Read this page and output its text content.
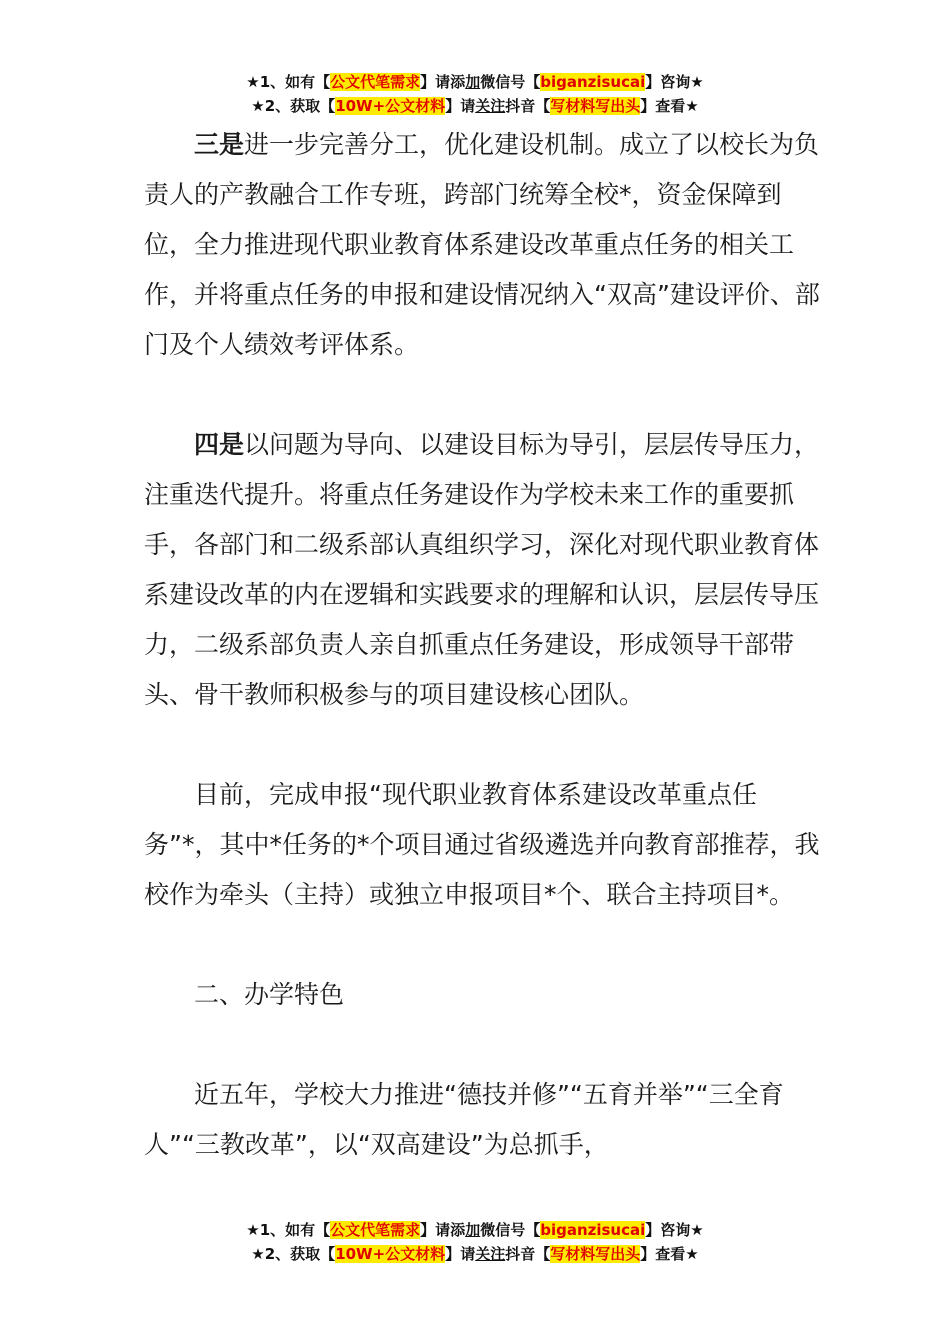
★1、如有【公文代笔需求】请添加微信号【biganzisucai】咨询★
★2、获取【10W+公文材料】请关注抖音【写材料写出头】查看★

三是进一步完善分工，优化建设机制。成立了以校长为负责人的产教融合工作专班，跨部门统筹全校*，资金保障到位，全力推进现代职业教育体系建设改革重点任务的相关工作，并将重点任务的申报和建设情况纳入“双高”建设评价、部门及个人绩效考评体系。

四是以问题为导向、以建设目标为导引，层层传导压力，注重迭代提升。将重点任务建设作为学校未来工作的重要抓手，各部门和二级系部认真组织学习，深化对现代职业教育体系建设改革的内在逻辑和实践要求的理解和认识，层层传导压力，二级系部负责人亲自抓重点任务建设，形成领导干部带头、骨干教师积极参与的项目建设核心团队。

目前，完成申报“现代职业教育体系建设改革重点任务”*，其中*任务的*个项目通过省级遴选并向教育部推荐，我校作为牵头（主持）或独立申报项目*个、联合主持项目*。

二、办学特色

近五年，学校大力推进“德技并修”“五育并举”“三全育人”“三教改革”，以“双高建设”为总抓手，

★1、如有【公文代笔需求】请添加微信号【biganzisucai】咨询★
★2、获取【10W+公文材料】请关注抖音【写材料写出头】查看★
